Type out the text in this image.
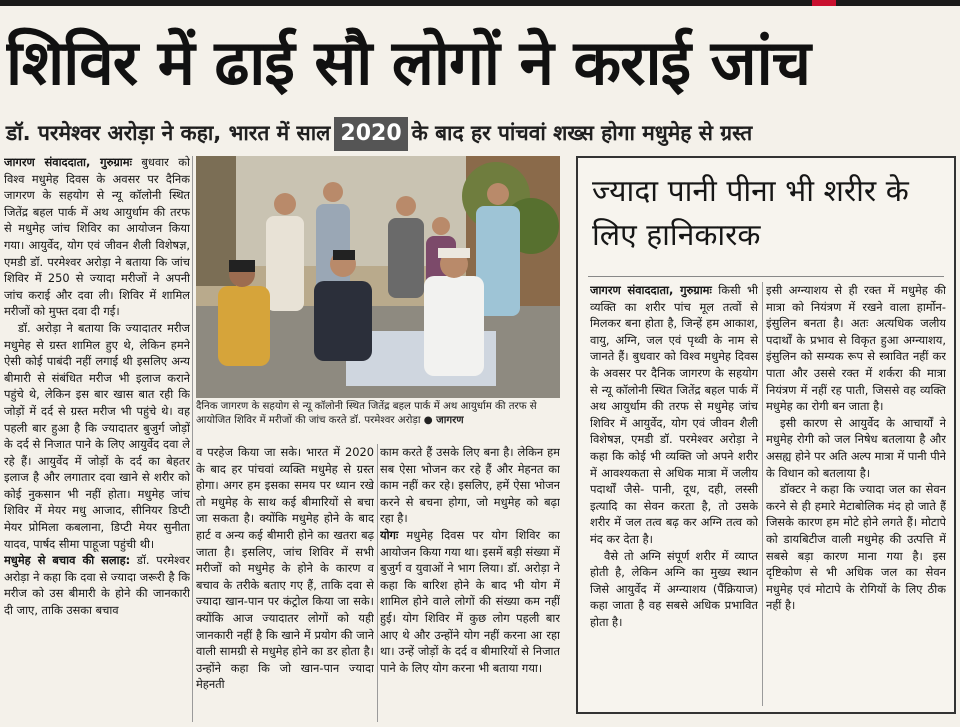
शिविर में ढाई सौ लोगों ने कराई जांच
डॉ. परमेश्वर अरोड़ा ने कहा, भारत में साल 2020 के बाद हर पांचवां शख्स होगा मधुमेह से ग्रस्त

जागरण संवाददाता, गुरुग्रामः बुधवार को विश्व मधुमेह दिवस के अवसर पर दैनिक जागरण के सहयोग से न्यू कॉलोनी स्थित जितेंद्र बहल पार्क में अथ आयुर्धाम की तरफ से मधुमेह जांच शिविर का आयोजन किया गया। आयुर्वेद, योग एवं जीवन शैली विशेषज्ञ, एमडी डॉ. परमेश्वर अरोड़ा ने बताया कि जांच शिविर में 250 से ज्यादा मरीजों ने अपनी जांच कराई और दवा ली। शिविर में शामिल मरीजों को मुफ्त दवा दी गई।

डॉ. अरोड़ा ने बताया कि ज्यादातर मरीज मधुमेह से ग्रस्त शामिल हुए थे, लेकिन हमने ऐसी कोई पाबंदी नहीं लगाई थी इसलिए अन्य बीमारी से संबंधित मरीज भी इलाज कराने पहुंचे थे, लेकिन इस बार खास बात रही कि जोड़ों में दर्द से ग्रस्त मरीज भी पहुंचे थे। वह पहली बार हुआ है कि ज्यादातर बुजुर्ग जोड़ों के दर्द से निजात पाने के लिए आयुर्वेद दवा ले रहे हैं। आयुर्वेद में जोड़ों के दर्द का बेहतर इलाज है और लगातार दवा खाने से शरीर को कोई नुकसान भी नहीं होता। मधुमेह जांच शिविर में मेयर मधु आजाद, सीनियर डिप्टी मेयर प्रोमिला कबलाना, डिप्टी मेयर सुनीता यादव, पार्षद सीमा पाहूजा पहुंची थी।

मधुमेह से बचाव की सलाह: डॉ. परमेश्वर अरोड़ा ने कहा कि दवा से ज्यादा जरूरी है कि मरीज को उस बीमारी के होने की जानकारी दी जाए, ताकि उसका बचाव

दैनिक जागरण के सहयोग से न्यू कॉलोनी स्थित जितेंद्र बहल पार्क में अथ आयुर्धाम की तरफ से आयोजित शिविर में मरीजों की जांच करते डॉ. परमेश्वर अरोड़ा ● जागरण

व परहेज किया जा सके। भारत में 2020 के बाद हर पांचवां व्यक्ति मधुमेह से ग्रस्त होगा। अगर हम इसका समय पर ध्यान रखे तो मधुमेह के साथ कई बीमारियों से बचा जा सकता है। क्योंकि मधुमेह होने के बाद हार्ट व अन्य कई बीमारी होने का खतरा बढ़ जाता है। इसलिए, जांच शिविर में सभी मरीजों को मधुमेह के होने के कारण व बचाव के तरीके बताए गए हैं, ताकि दवा से ज्यादा खान-पान पर कंट्रोल किया जा सके। क्योंकि आज ज्यादातर लोगों को यही जानकारी नहीं है कि खाने में प्रयोग की जाने वाली सामग्री से मधुमेह होने का डर होता है। उन्होंने कहा कि जो खान-पान ज्यादा मेहनती

काम करते हैं उसके लिए बना है। लेकिन हम सब ऐसा भोजन कर रहे हैं और मेहनत का काम नहीं कर रहे। इसलिए, हमें ऐसा भोजन करने से बचना होगा, जो मधुमेह को बढ़ा रहा है।

योगः मधुमेह दिवस पर योग शिविर का आयोजन किया गया था। इसमें बड़ी संख्या में बुजुर्ग व युवाओं ने भाग लिया। डॉ. अरोड़ा ने कहा कि बारिश होने के बाद भी योग में शामिल होने वाले लोगों की संख्या कम नहीं हुई। योग शिविर में कुछ लोग पहली बार आए थे और उन्होंने योग नहीं करना आ रहा था। उन्हें जोड़ों के दर्द व बीमारियों से निजात पाने के लिए योग करना भी बताया गया।

ज्यादा पानी पीना भी शरीर के लिए हानिकारक

जागरण संवाददाता, गुरुग्रामः किसी भी व्यक्ति का शरीर पांच मूल तत्वों से मिलकर बना होता है, जिन्हें हम आकाश, वायु, अग्नि, जल एवं पृथ्वी के नाम से जानते हैं। बुधवार को विश्व मधुमेह दिवस के अवसर पर दैनिक जागरण के सहयोग से न्यू कॉलोनी स्थित जितेंद्र बहल पार्क में अथ आयुर्धाम की तरफ से मधुमेह जांच शिविर में आयुर्वेद, योग एवं जीवन शैली विशेषज्ञ, एमडी डॉ. परमेश्वर अरोड़ा ने कहा कि कोई भी व्यक्ति जो अपने शरीर में आवश्यकता से अधिक मात्रा में जलीय पदार्थों जैसे- पानी, दूध, दही, लस्सी इत्यादि का सेवन करता है, तो उसके शरीर में जल तत्व बढ़ कर अग्नि तत्व को मंद कर देता है।

वैसे तो अग्नि संपूर्ण शरीर में व्याप्त होती है, लेकिन अग्नि का मुख्य स्थान जिसे आयुर्वेद में अग्न्याशय (पैंक्रियाज) कहा जाता है वह सबसे अधिक प्रभावित होता है।

इसी अग्न्याशय से ही रक्त में मधुमेह की मात्रा को नियंत्रण में रखने वाला हार्मोन- इंसुलिन बनता है। अतः अत्यधिक जलीय पदार्थों के प्रभाव से विकृत हुआ अग्न्याशय, इंसुलिन को सम्यक रूप से स्त्रावित नहीं कर पाता और उससे रक्त में शर्करा की मात्रा नियंत्रण में नहीं रह पाती, जिससे वह व्यक्ति मधुमेह का रोगी बन जाता है।

इसी कारण से आयुर्वेद के आचार्यों ने मधुमेह रोगी को जल निषेध बतलाया है और असह्य होने पर अति अल्प मात्रा में पानी पीने के विधान को बतलाया है।

डॉक्टर ने कहा कि ज्यादा जल का सेवन करने से ही हमारे मेटाबोलिक मंद हो जाते हैं जिसके कारण हम मोटे होने लगते हैं। मोटापे को डायबिटीज वाली मधुमेह की उत्पत्ति में सबसे बड़ा कारण माना गया है। इस दृष्टिकोण से भी अधिक जल का सेवन मधुमेह एवं मोटापे के रोगियों के लिए ठीक नहीं है।
